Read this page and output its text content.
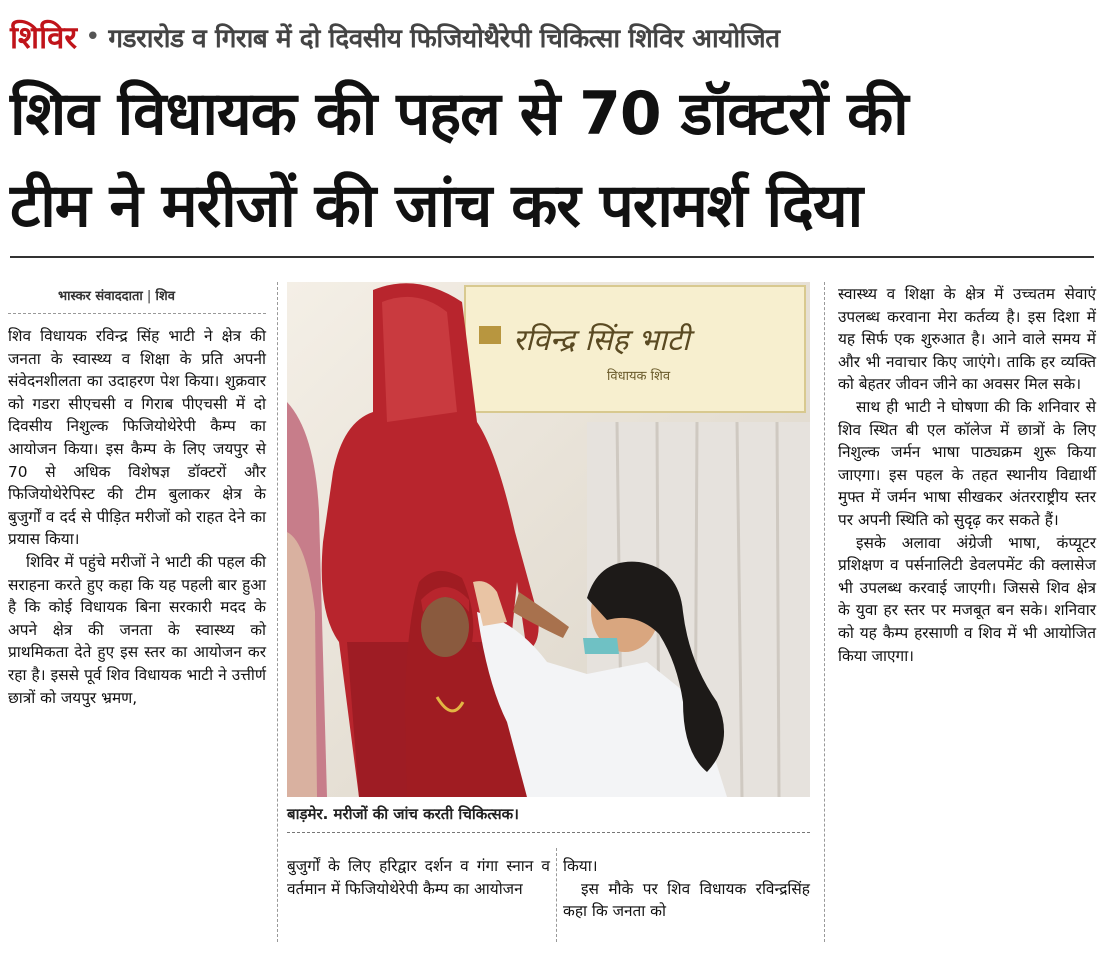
शिविर • गडरारोड व गिराब में दो दिवसीय फिजियोथैरेपी चिकित्सा शिविर आयोजित
शिव विधायक की पहल से 70 डॉक्टरों की
टीम ने मरीजों की जांच कर परामर्श दिया
भास्कर संवाददाता | शिव

शिव विधायक रविन्द्र सिंह भाटी ने क्षेत्र की जनता के स्वास्थ्य व शिक्षा के प्रति अपनी संवेदनशीलता का उदाहरण पेश किया। शुक्रवार को गडरा सीएचसी व गिराब पीएचसी में दो दिवसीय निशुल्क फिजियोथेरेपी कैम्प का आयोजन किया। इस कैम्प के लिए जयपुर से 70 से अधिक विशेषज्ञ डॉक्टरों और फिजियोथेरेपिस्ट की टीम बुलाकर क्षेत्र के बुजुर्गों व दर्द से पीड़ित मरीजों को राहत देने का प्रयास किया।

शिविर में पहुंचे मरीजों ने भाटी की पहल की सराहना करते हुए कहा कि यह पहली बार हुआ है कि कोई विधायक बिना सरकारी मदद के अपने क्षेत्र की जनता के स्वास्थ्य को प्राथमिकता देते हुए इस स्तर का आयोजन कर रहा है। इससे पूर्व शिव विधायक भाटी ने उत्तीर्ण छात्रों को जयपुर भ्रमण,

रविन्द्र सिंह भाटी
विधायक शिव
बाड़मेर. मरीजों की जांच करती चिकित्सक।

बुजुर्गों के लिए हरिद्वार दर्शन व गंगा स्नान व वर्तमान में फिजियोथेरेपी कैम्प का आयोजन

किया।

इस मौके पर शिव विधायक रविन्द्रसिंह कहा कि जनता को

स्वास्थ्य व शिक्षा के क्षेत्र में उच्चतम सेवाएं उपलब्ध करवाना मेरा कर्तव्य है। इस दिशा में यह सिर्फ एक शुरुआत है। आने वाले समय में और भी नवाचार किए जाएंगे। ताकि हर व्यक्ति को बेहतर जीवन जीने का अवसर मिल सके।

साथ ही भाटी ने घोषणा की कि शनिवार से शिव स्थित बी एल कॉलेज में छात्रों के लिए निशुल्क जर्मन भाषा पाठ्यक्रम शुरू किया जाएगा। इस पहल के तहत स्थानीय विद्यार्थी मुफ्त में जर्मन भाषा सीखकर अंतरराष्ट्रीय स्तर पर अपनी स्थिति को सुदृढ़ कर सकते हैं।

इसके अलावा अंग्रेजी भाषा, कंप्यूटर प्रशिक्षण व पर्सनालिटी डेवलपमेंट की क्लासेज भी उपलब्ध करवाई जाएगी। जिससे शिव क्षेत्र के युवा हर स्तर पर मजबूत बन सके। शनिवार को यह कैम्प हरसाणी व शिव में भी आयोजित किया जाएगा।
